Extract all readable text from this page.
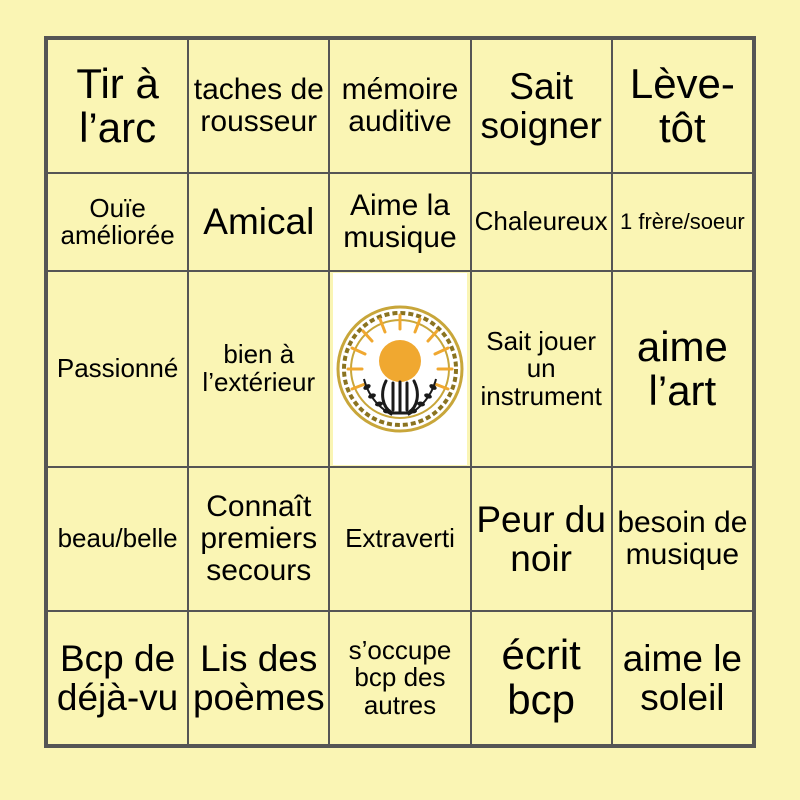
Tir à l’arc	taches de rousseur	mémoire auditive	Sait soigner	Lève-tôt
Ouïe améliorée	Amical	Aime la musique	Chaleureux	1 frère/soeur
Passionné	bien à l’extérieur		Sait jouer un instrument	aime l’art
beau/belle	Connaît premiers secours	Extraverti	Peur du noir	besoin de musique
Bcp de déjà-vu	Lis des poèmes	s’occupe bcp des autres	écrit bcp	aime le soleil
